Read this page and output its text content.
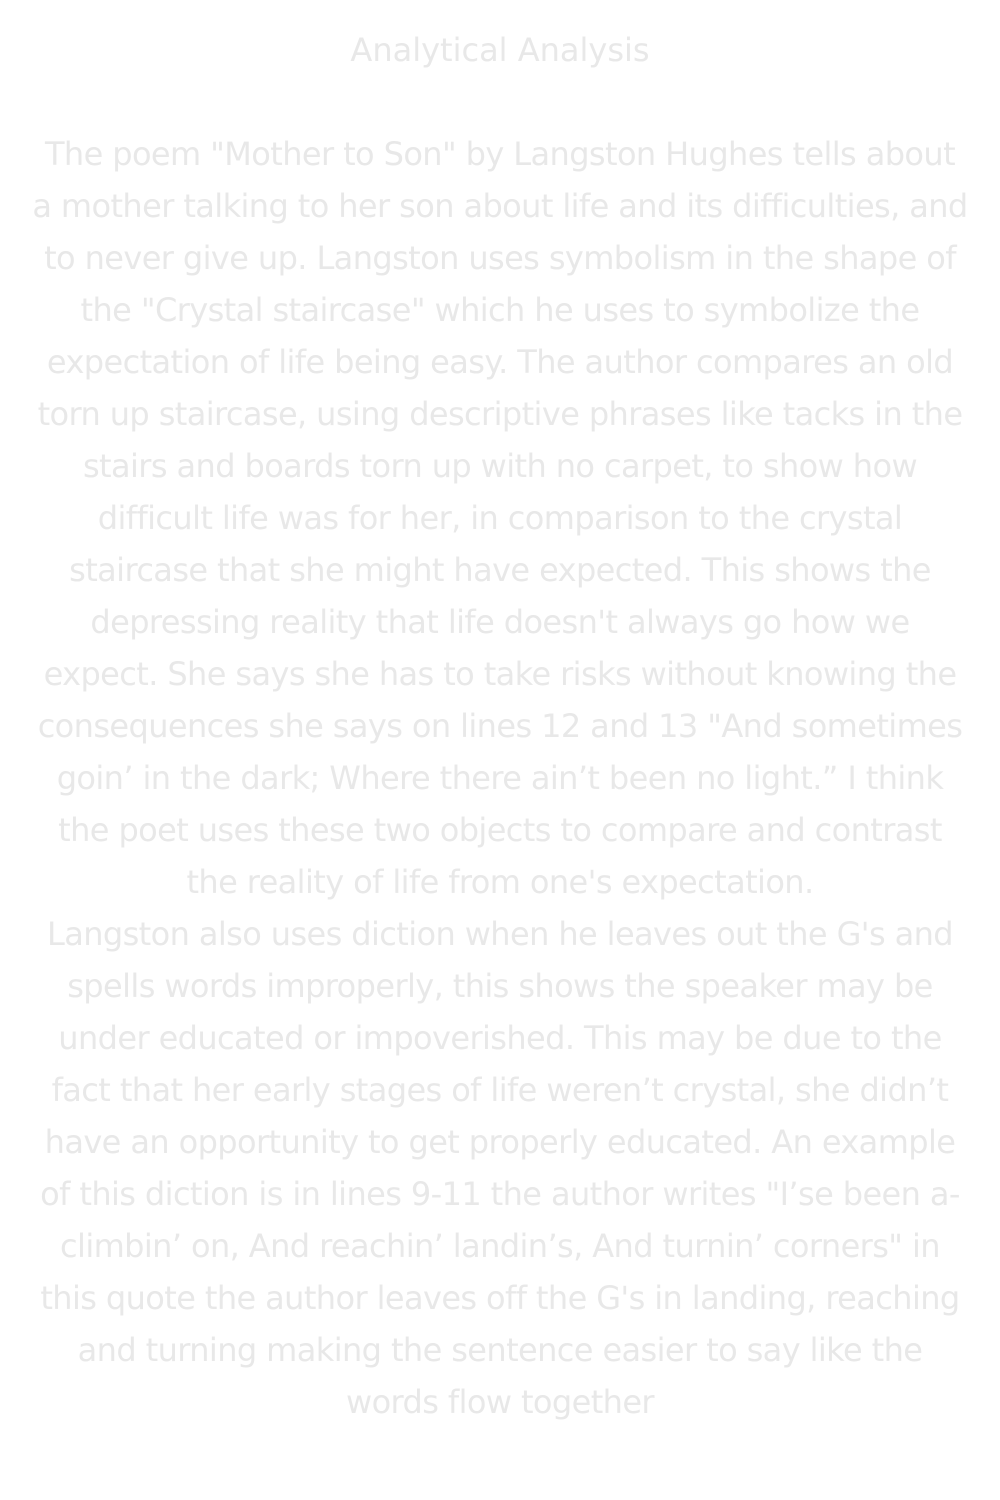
Analytical Analysis
The poem "Mother to Son" by Langston Hughes tells about
a mother talking to her son about life and its difficulties, and
to never give up. Langston uses symbolism in the shape of
the "Crystal staircase" which he uses to symbolize the
expectation of life being easy. The author compares an old
torn up staircase, using descriptive phrases like tacks in the
stairs and boards torn up with no carpet, to show how
difficult life was for her, in comparison to the crystal
staircase that she might have expected. This shows the
depressing reality that life doesn't always go how we
expect. She says she has to take risks without knowing the
consequences she says on lines 12 and 13 "And sometimes
goin’ in the dark; Where there ain’t been no light.” I think
the poet uses these two objects to compare and contrast
the reality of life from one's expectation.
Langston also uses diction when he leaves out the G's and
spells words improperly, this shows the speaker may be
under educated or impoverished. This may be due to the
fact that her early stages of life weren’t crystal, she didn’t
have an opportunity to get properly educated. An example
of this diction is in lines 9-11 the author writes "I’se been a-
climbin’ on, And reachin’ landin’s, And turnin’ corners" in
this quote the author leaves off the G's in landing, reaching
and turning making the sentence easier to say like the
words flow together
